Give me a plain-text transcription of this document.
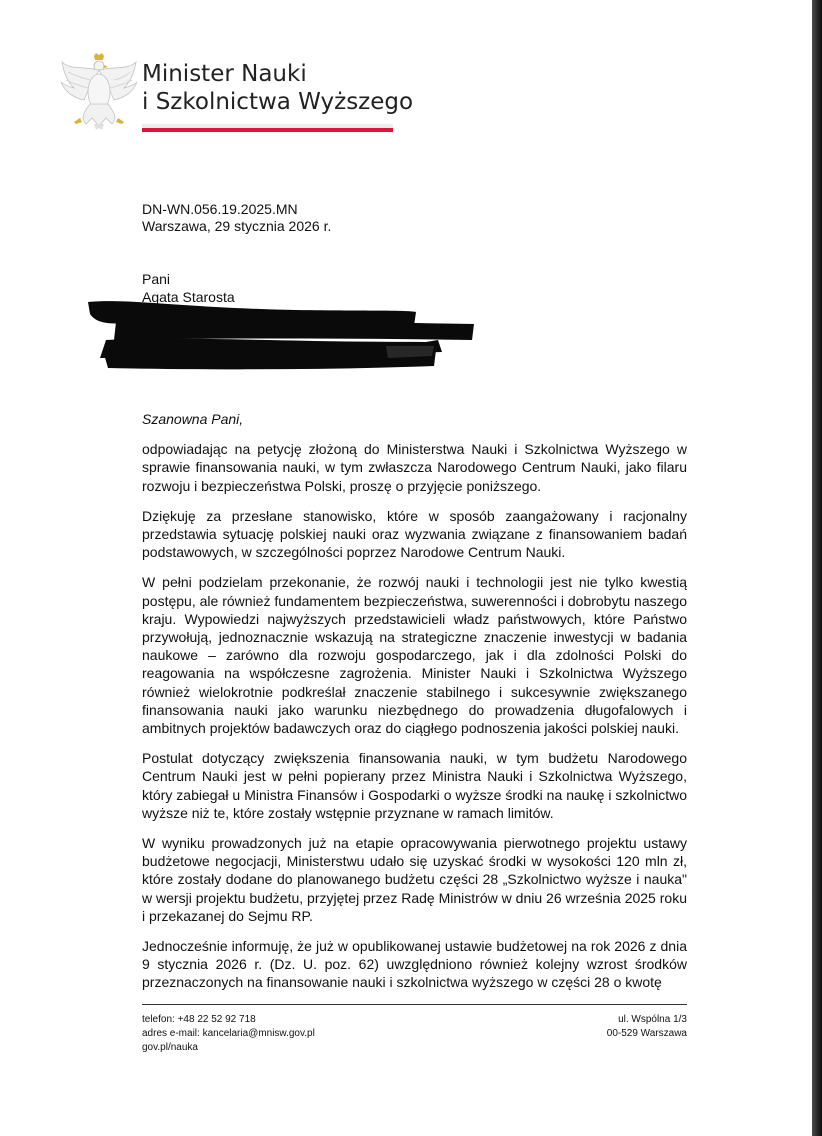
Minister Nauki
i Szkolnictwa Wyższego
DN-WN.056.19.2025.MN
Warszawa, 29 stycznia 2026 r.
Pani
Agata Starosta

Szanowna Pani,

odpowiadając na petycję złożoną do Ministerstwa Nauki i Szkolnictwa Wyższego w sprawie finansowania nauki, w tym zwłaszcza Narodowego Centrum Nauki, jako filaru rozwoju i bezpieczeństwa Polski, proszę o przyjęcie poniższego.

Dziękuję za przesłane stanowisko, które w sposób zaangażowany i racjonalny przedstawia sytuację polskiej nauki oraz wyzwania związane z finansowaniem badań podstawowych, w szczególności poprzez Narodowe Centrum Nauki.

W pełni podzielam przekonanie, że rozwój nauki i technologii jest nie tylko kwestią postępu, ale również fundamentem bezpieczeństwa, suwerenności i dobrobytu naszego kraju. Wypowiedzi najwyższych przedstawicieli władz państwowych, które Państwo przywołują, jednoznacznie wskazują na strategiczne znaczenie inwestycji w badania naukowe – zarówno dla rozwoju gospodarczego, jak i dla zdolności Polski do reagowania na współczesne zagrożenia. Minister Nauki i Szkolnictwa Wyższego również wielokrotnie podkreślał znaczenie stabilnego i sukcesywnie zwiększanego finansowania nauki jako warunku niezbędnego do prowadzenia długofalowych i ambitnych projektów badawczych oraz do ciągłego podnoszenia jakości polskiej nauki.

Postulat dotyczący zwiększenia finansowania nauki, w tym budżetu Narodowego Centrum Nauki jest w pełni popierany przez Ministra Nauki i Szkolnictwa Wyższego, który zabiegał u Ministra Finansów i Gospodarki o wyższe środki na naukę i szkolnictwo wyższe niż te, które zostały wstępnie przyznane w ramach limitów.

W wyniku prowadzonych już na etapie opracowywania pierwotnego projektu ustawy budżetowe negocjacji, Ministerstwu udało się uzyskać środki w wysokości 120 mln zł, które zostały dodane do planowanego budżetu części 28 „Szkolnictwo wyższe i nauka" w wersji projektu budżetu, przyjętej przez Radę Ministrów w dniu 26 września 2025 roku i przekazanej do Sejmu RP.

Jednocześnie informuję, że już w opublikowanej ustawie budżetowej na rok 2026 z dnia 9 stycznia 2026 r. (Dz. U. poz. 62) uwzględniono również kolejny wzrost środków przeznaczonych na finansowanie nauki i szkolnictwa wyższego w części 28 o kwotę

telefon: +48 22 52 92 718
adres e-mail: kancelaria@mnisw.gov.pl
gov.pl/nauka
ul. Wspólna 1/3
00-529 Warszawa
